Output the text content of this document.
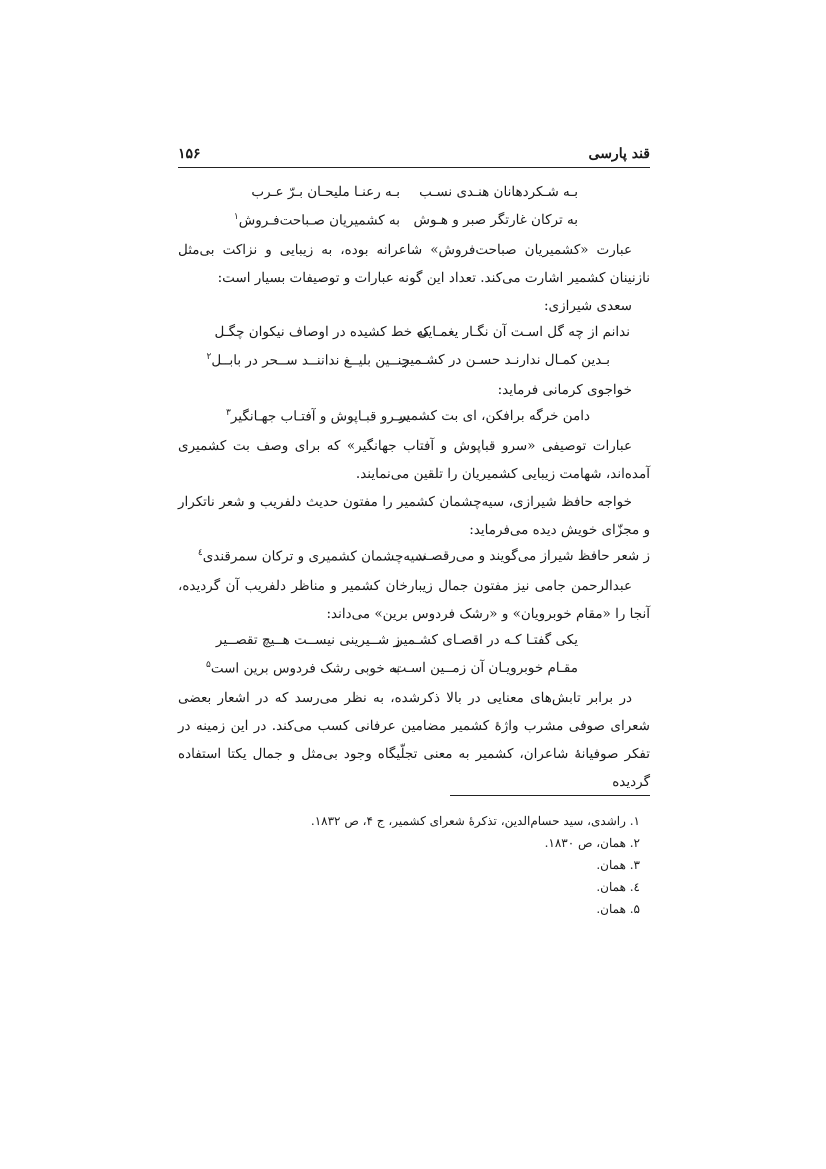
قند پارسی
۱۵۶
بـه شـکردهانان هنـدی نسـب
بـه رعنـا ملیحـان بـرّ عـرب
به ترکان غارتگر صبر و هـوش
به کشمیریان صـباحت‌فـروش$^۱$

عبارت «کشمیریان صباحت‌فروش» شاعرانه بوده، به زیبایی و نزاکت بی‌مثل نازنینان کشمیر اشارت می‌کند. تعداد این گونه عبارات و توصیفات بسیار است:

سعدی شیرازی:

ندانم از چه گل اسـت آن نگـار یغمـایی
که خط کشیده در اوصاف نیکوان چگـل
بـدین کمـال ندارنـد حسـن در کشـمیر
چنــین بلیــغ نداننــد ســحر در بابــل$^۲$

خواجوی کرمانی فرماید:

دامن خرگه برافکن، ای بت کشمیر
سـرو قبـاپوش و آفتـاب جهـانگیر$^۳$

عبارات توصیفی «سرو قباپوش و آفتاب جهانگیر» که برای وصف بت کشمیری آمده‌اند، شهامت زیبایی کشمیریان را تلقین می‌نمایند.

خواجه حافظ شیرازی، سیه‌چشمان کشمیر را مفتون حدیث دلفریب و شعر ناتکرار و مجزّای خویش دیده می‌فرماید:

ز شعر حافظ شیراز می‌گویند و می‌رقصـند
سیه‌چشمان کشمیری و ترکان سمرقندی$^٤$

عبدالرحمن جامی نیز مفتون جمال زیبارخان کشمیر و مناظر دلفریب آن گردیده، آنجا را «مقام خوبرویان» و «رشک فردوس برین» می‌داند:

یکی گفتـا کـه در اقصـای کشـمیر
ز شــیرینی نیســت هــیچ تقصــیر
مقـام خوبرویـان آن زمــین اسـت
به خوبی رشک فردوس برین است$^۵$

در برابر تابش‌های معنایی در بالا ذکرشده، به نظر می‌رسد که در اشعار بعضی شعرای صوفی مشرب واژهٔ کشمیر مضامین عرفانی کسب می‌کند. در این زمینه در تفکر صوفیانهٔ شاعران، کشمیر به معنی تجلّیگاه وجود بی‌مثل و جمال یکتا استفاده گردیده

۱. راشدی، سید حسام‌الدین، تذکرهٔ شعرای کشمیر، ج ۴، ص ۱۸۳۲.
۲. همان، ص ۱۸۳۰.
۳. همان.
٤. همان.
۵. همان.
